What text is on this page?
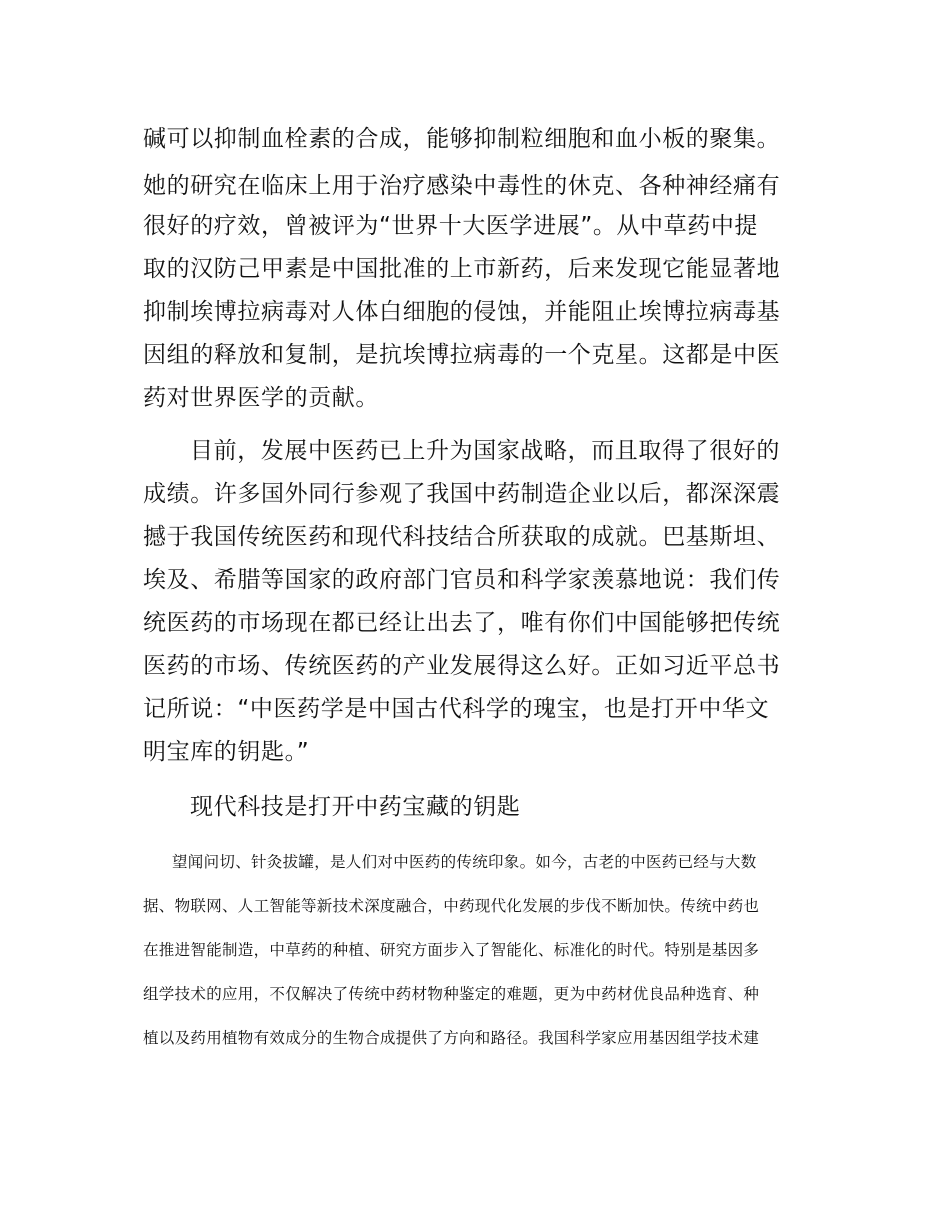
碱可以抑制血栓素的合成，能够抑制粒细胞和血小板的聚集。
她的研究在临床上用于治疗感染中毒性的休克、各种神经痛有
很好的疗效，曾被评为“世界十大医学进展”。从中草药中提
取的汉防己甲素是中国批准的上市新药，后来发现它能显著地
抑制埃博拉病毒对人体白细胞的侵蚀，并能阻止埃博拉病毒基
因组的释放和复制，是抗埃博拉病毒的一个克星。这都是中医
药对世界医学的贡献。
目前，发展中医药已上升为国家战略，而且取得了很好的
成绩。许多国外同行参观了我国中药制造企业以后，都深深震
撼于我国传统医药和现代科技结合所获取的成就。巴基斯坦、
埃及、希腊等国家的政府部门官员和科学家羡慕地说：我们传
统医药的市场现在都已经让出去了，唯有你们中国能够把传统
医药的市场、传统医药的产业发展得这么好。正如习近平总书
记所说：“中医药学是中国古代科学的瑰宝，也是打开中华文
明宝库的钥匙。”
现代科技是打开中药宝藏的钥匙
望闻问切、针灸拔罐，是人们对中医药的传统印象。如今，古老的中医药已经与大数
据、物联网、人工智能等新技术深度融合，中药现代化发展的步伐不断加快。传统中药也
在推进智能制造，中草药的种植、研究方面步入了智能化、标准化的时代。特别是基因多
组学技术的应用，不仅解决了传统中药材物种鉴定的难题，更为中药材优良品种选育、种
植以及药用植物有效成分的生物合成提供了方向和路径。我国科学家应用基因组学技术建
